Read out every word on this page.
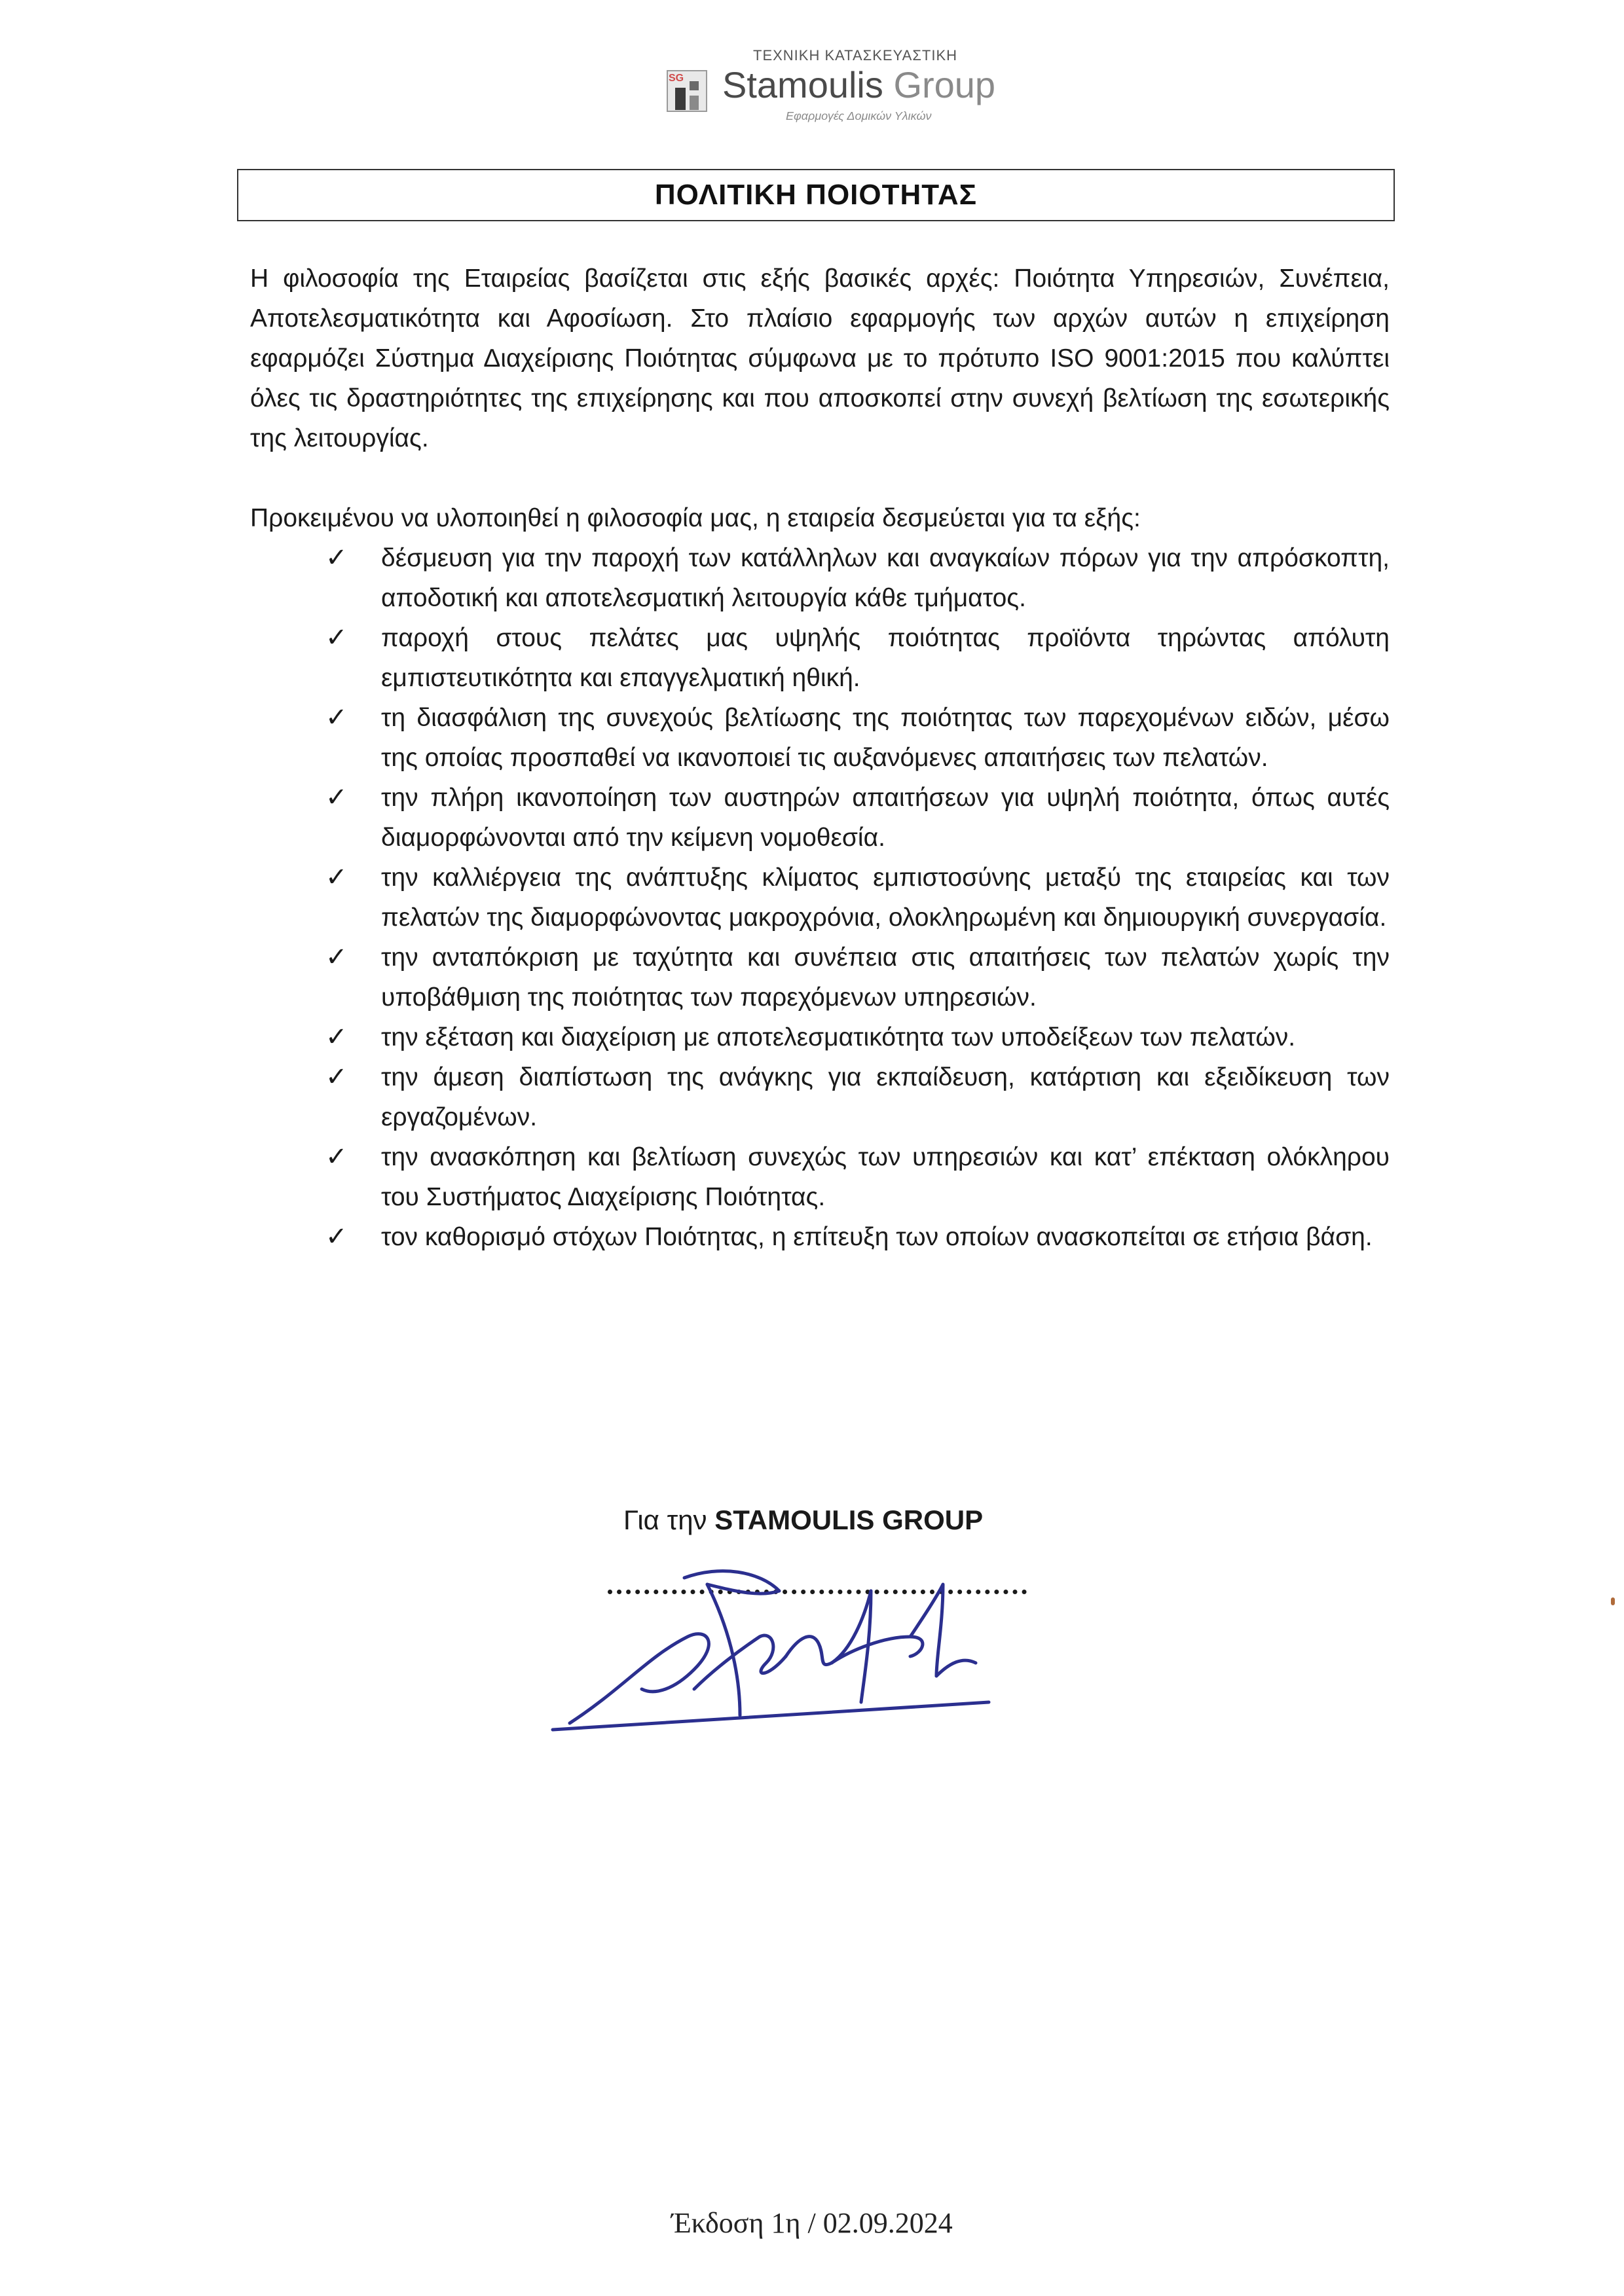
SG
ΤΕΧΝΙΚΗ ΚΑΤΑΣΚΕΥΑΣΤΙΚΗ
Stamoulis Group
Εφαρμογές Δομικών Υλικών
ΠΟΛΙΤΙΚΗ ΠΟΙΟΤΗΤΑΣ

Η φιλοσοφία της Εταιρείας βασίζεται στις εξής βασικές αρχές: Ποιότητα Υπηρεσιών, Συνέπεια, Αποτελεσματικότητα και Αφοσίωση. Στο πλαίσιο εφαρμογής των αρχών αυτών η επιχείρηση εφαρμόζει Σύστημα Διαχείρισης Ποιότητας σύμφωνα με το πρότυπο ISO 9001:2015 που καλύπτει όλες τις δραστηριότητες της επιχείρησης και που αποσκοπεί στην συνεχή βελτίωση της εσωτερικής της λειτουργίας.

Προκειμένου να υλοποιηθεί η φιλοσοφία μας, η εταιρεία δεσμεύεται για τα εξής:

✓ δέσμευση για την παροχή των κατάλληλων και αναγκαίων πόρων για την απρόσκοπτη, αποδοτική και αποτελεσματική λειτουργία κάθε τμήματος.
✓ παροχή στους πελάτες μας υψηλής ποιότητας προϊόντα τηρώντας απόλυτη εμπιστευτικότητα και επαγγελματική ηθική.
✓ τη διασφάλιση της συνεχούς βελτίωσης της ποιότητας των παρεχομένων ειδών, μέσω της οποίας προσπαθεί να ικανοποιεί τις αυξανόμενες απαιτήσεις των πελατών.
✓ την πλήρη ικανοποίηση των αυστηρών απαιτήσεων για υψηλή ποιότητα, όπως αυτές διαμορφώνονται από την κείμενη νομοθεσία.
✓ την καλλιέργεια της ανάπτυξης κλίματος εμπιστοσύνης μεταξύ της εταιρείας και των πελατών της διαμορφώνοντας μακροχρόνια, ολοκληρωμένη και δημιουργική συνεργασία.
✓ την ανταπόκριση με ταχύτητα και συνέπεια στις απαιτήσεις των πελατών χωρίς την υποβάθμιση της ποιότητας των παρεχόμενων υπηρεσιών.
✓ την εξέταση και διαχείριση με αποτελεσματικότητα των υποδείξεων των πελατών.
✓ την άμεση διαπίστωση της ανάγκης για εκπαίδευση, κατάρτιση και εξειδίκευση των εργαζομένων.
✓ την ανασκόπηση και βελτίωση συνεχώς των υπηρεσιών και κατ’ επέκταση ολόκληρου του Συστήματος Διαχείρισης Ποιότητας.
✓ τον καθορισμό στόχων Ποιότητας, η επίτευξη των οποίων ανασκοπείται σε ετήσια βάση.
Για την STAMOULIS GROUP
Έκδοση 1η / 02.09.2024
